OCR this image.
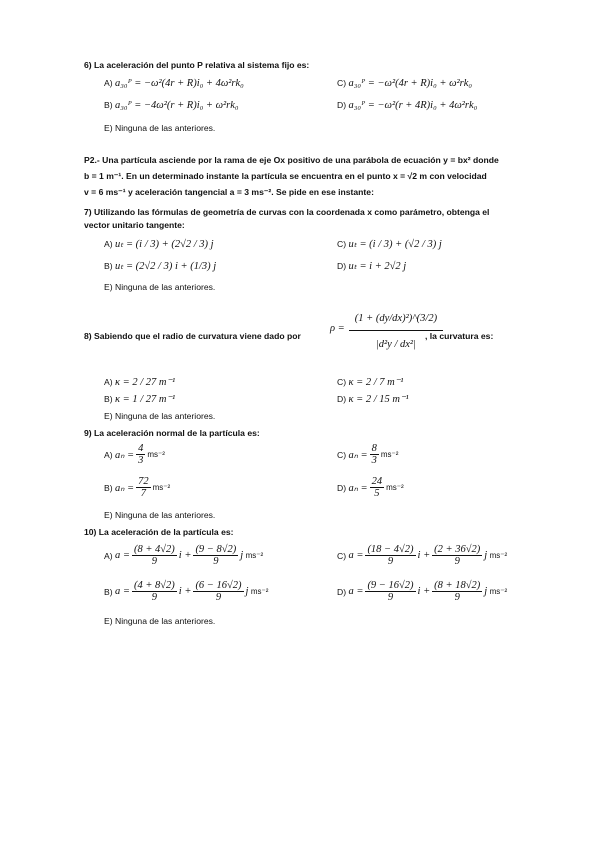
6) La aceleración del punto P relativa al sistema fijo es:
A) a₃₀ᴾ = −ω²(4r + R)i₀ + 4ω²rk₀	C) a₃₀ᴾ = −ω²(4r + R)i₀ + ω²rk₀
B) a₃₀ᴾ = −4ω²(r + R)i₀ + ω²rk₀	D) a₃₀ᴾ = −ω²(r + 4R)i₀ + 4ω²rk₀
E) Ninguna de las anteriores.
P2.- Una partícula asciende por la rama de eje Ox positivo de una parábola de ecuación y = bx² donde
b = 1 m⁻¹. En un determinado instante la partícula se encuentra en el punto x = √2 m con velocidad
v = 6 ms⁻¹ y aceleración tangencial a = 3 ms⁻². Se pide en ese instante:
7) Utilizando las fórmulas de geometría de curvas con la coordenada x como parámetro, obtenga el
vector unitario tangente:
A) uₜ = (i / 3) + (2√2 / 3) j	C) uₜ = (i / 3) + (√2 / 3) j
B) uₜ = (2√2 / 3) i + (1/3) j	D) uₜ = i + 2√2 j
E) Ninguna de las anteriores.
8) Sabiendo que el radio de curvatura viene dado por
$\rho = \frac{\text{(1 + (dy/dx)²)\textasciicircum{}(3/2)}}{\text{|d²y / dx²|}}$
, la curvatura es:
A) κ = 2 / 27 m⁻¹	C) κ = 2 / 7 m⁻¹
B) κ = 1 / 27 m⁻¹	D) κ = 2 / 15 m⁻¹
E) Ninguna de las anteriores.
9) La aceleración normal de la partícula es:
A)
$a_n = \frac{4}{3} ms^{-2}$	C)
$a_n = \frac{8}{3} ms^{-2}$
B)
$a_n = \frac{72}{7} ms^{-2}$	D)
$a_n = \frac{24}{5} ms^{-2}$
E) Ninguna de las anteriores.
10) La aceleración de la partícula es:
A)
$a = \frac{(8 + 4√2)}{9}$ $i + \frac{(9 - 8√2)}{9}$ j
ms⁻²	C)
$a = \frac{(18 - 4√2)}{9}$ $i + \frac{(2 + 36√2)}{9}$ j
ms⁻²
B)
$a = \frac{(4 + 8√2)}{9}$ $i + \frac{(6 - 16√2)}{9}$ j
ms⁻²	D)
$a = \frac{(9 - 16√2)}{9}$ $i + \frac{(8 + 18√2)}{9}$ j
ms⁻²
E) Ninguna de las anteriores.
